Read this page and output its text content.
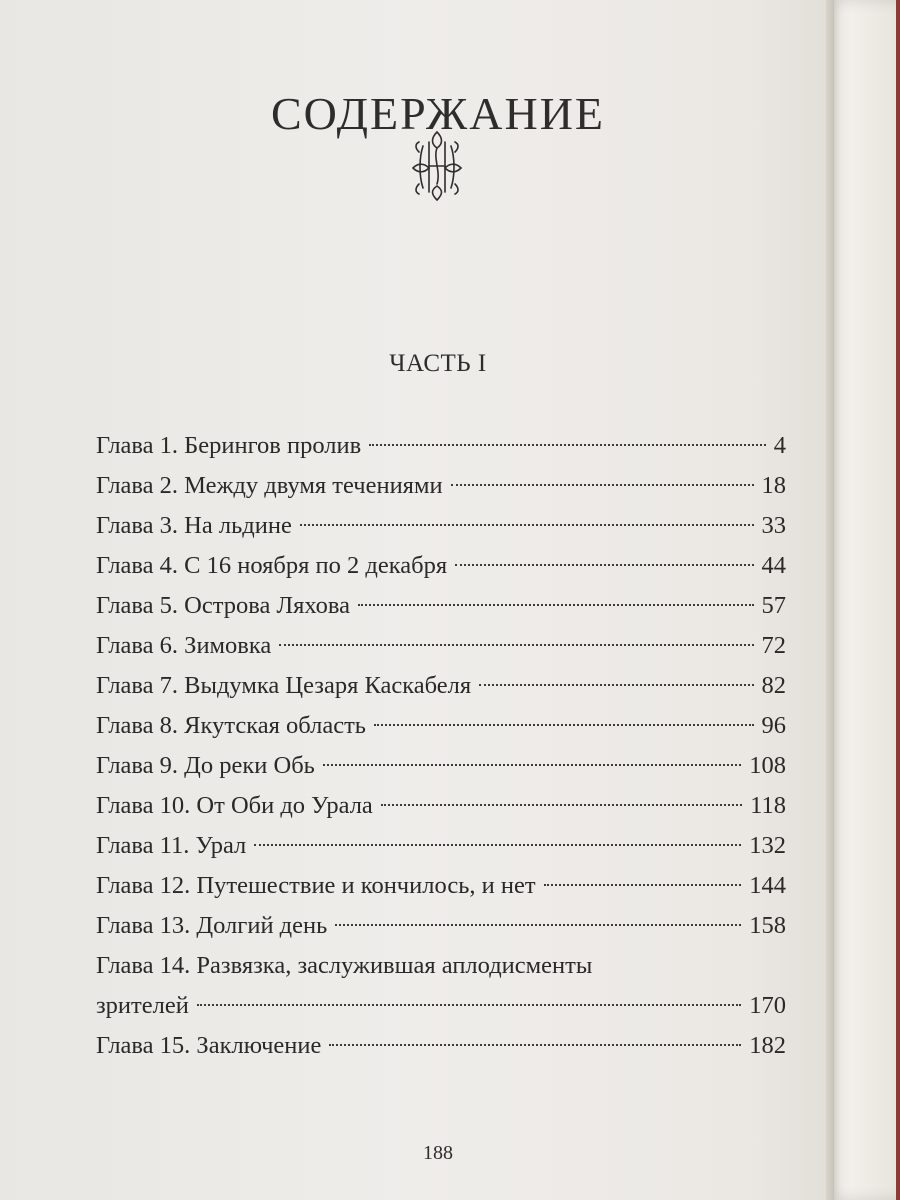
СОДЕРЖАНИЕ
ЧАСТЬ I
Глава 1. Берингов пролив	4
Глава 2. Между двумя течениями	18
Глава 3. На льдине	33
Глава 4. С 16 ноября по 2 декабря	44
Глава 5. Острова Ляхова	57
Глава 6. Зимовка	72
Глава 7. Выдумка Цезаря Каскабеля	82
Глава 8. Якутская область	96
Глава 9. До реки Обь	108
Глава 10. От Оби до Урала	118
Глава 11. Урал	132
Глава 12. Путешествие и кончилось, и нет	144
Глава 13. Долгий день	158
Глава 14. Развязка, заслужившая аплодисменты
зрителей	170
Глава 15. Заключение	182
188
